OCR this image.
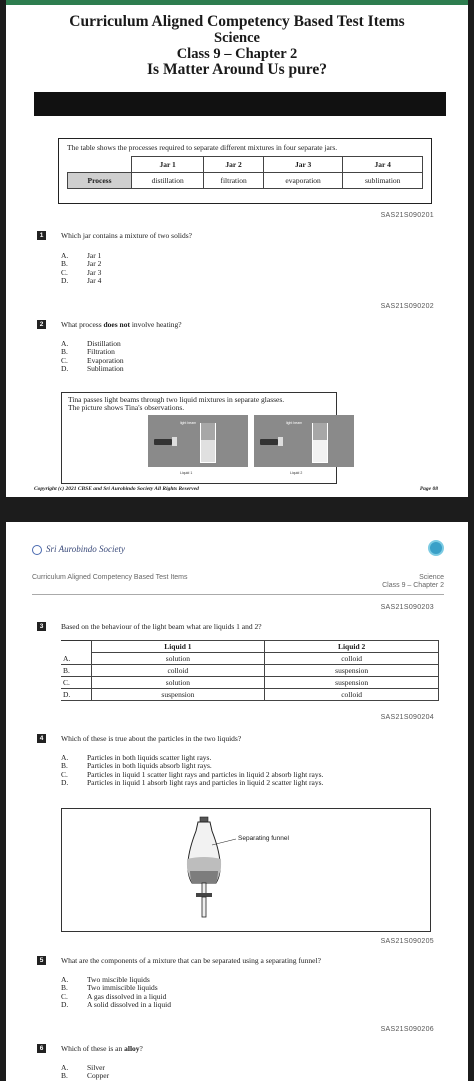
Curriculum Aligned Competency Based Test Items
Science
Class 9 – Chapter 2
Is Matter Around Us pure?
The table shows the processes required to separate different mixtures in four separate jars.
	Jar 1	Jar 2	Jar 3	Jar 4
Process	distillation	filtration	evaporation	sublimation
SAS21S090201
1	Which jar contains a mixture of two solids?
A.	Jar 1
B.	Jar 2
C.	Jar 3
D.	Jar 4
SAS21S090202
2	What process does not involve heating?
A.	Distillation
B.	Filtration
C.	Evaporation
D.	Sublimation
Tina passes light beams through two liquid mixtures in separate glasses.
The picture shows Tina's observations.
light beam
Liquid 1
light beam
Liquid 2
Copyright (c) 2021 CBSE and Sri Aurobindo Society All Rights Reserved	Page 08
Sri Aurobindo Society
Curriculum Aligned Competency Based Test Items	Science
Class 9 – Chapter 2
SAS21S090203
3	Based on the behaviour of the light beam what are liquids 1 and 2?
	Liquid 1	Liquid 2
A.	solution	colloid
B.	colloid	suspension
C.	solution	suspension
D.	suspension	colloid
SAS21S090204
4	Which of these is true about the particles in the two liquids?
A.	Particles in both liquids scatter light rays.
B.	Particles in both liquids absorb light rays.
C.	Particles in liquid 1 scatter light rays and particles in liquid 2 absorb light rays.
D.	Particles in liquid 1 absorb light rays and particles in liquid 2 scatter light rays.
Separating funnel
SAS21S090205
5	What are the components of a mixture that can be separated using a separating funnel?
A.	Two miscible liquids
B.	Two immiscible liquids
C.	A gas dissolved in a liquid
D.	A solid dissolved in a liquid
SAS21S090206
6	Which of these is an alloy?
A.	Silver
B.	Copper
